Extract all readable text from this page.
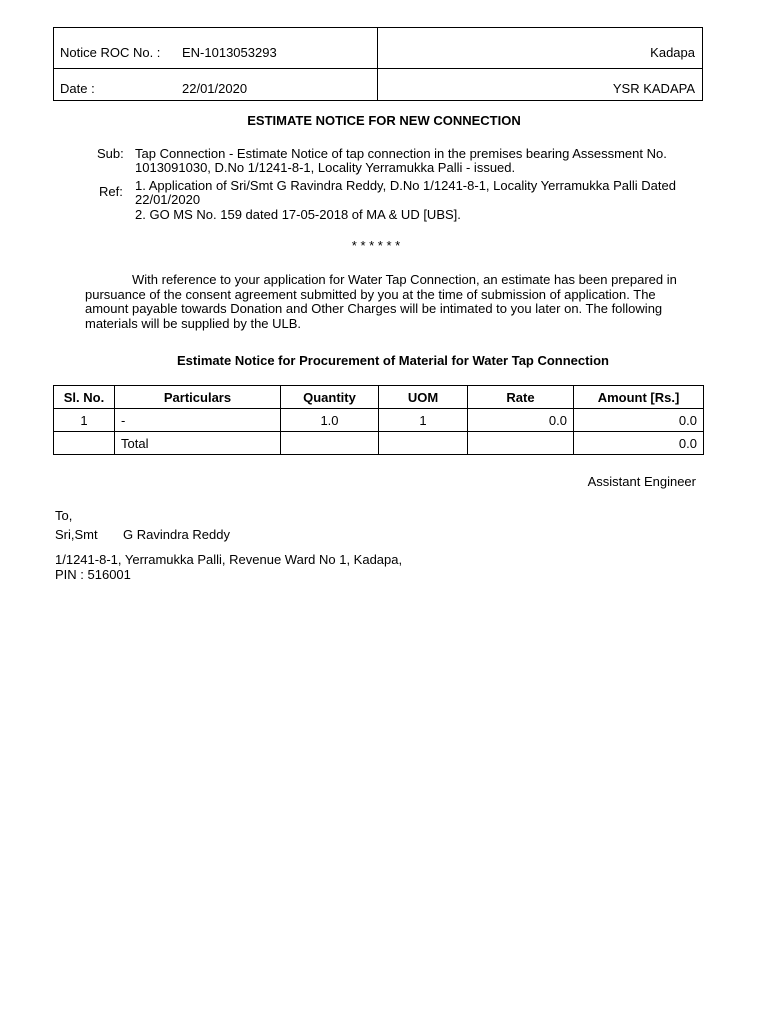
Notice ROC No. : EN-1013053293	Kadapa
Date :	22/01/2020	YSR KADAPA
ESTIMATE NOTICE FOR NEW CONNECTION
Sub: Tap Connection - Estimate Notice of tap connection in the premises bearing Assessment No.
1013091030, D.No 1/1241-8-1, Locality Yerramukka Palli - issued.
Ref: 1. Application of Sri/Smt G Ravindra Reddy, D.No 1/1241-8-1, Locality Yerramukka Palli Dated
22/01/2020
2. GO MS No. 159 dated 17-05-2018 of MA & UD [UBS].
* * * * * *
With reference to your application for Water Tap Connection, an estimate has been prepared in pursuance of the consent agreement submitted by you at the time of submission of application. The amount payable towards Donation and Other Charges will be intimated to you later on. The following materials will be supplied by the ULB.
Estimate Notice for Procurement of Material for Water Tap Connection
Sl. No.	Particulars	Quantity	UOM	Rate	Amount [Rs.]
1	-	1.0	1	0.0	0.0
	Total				0.0
Assistant Engineer
To,
Sri,Smt G Ravindra Reddy
1/1241-8-1, Yerramukka Palli, Revenue Ward No 1, Kadapa,
PIN : 516001
